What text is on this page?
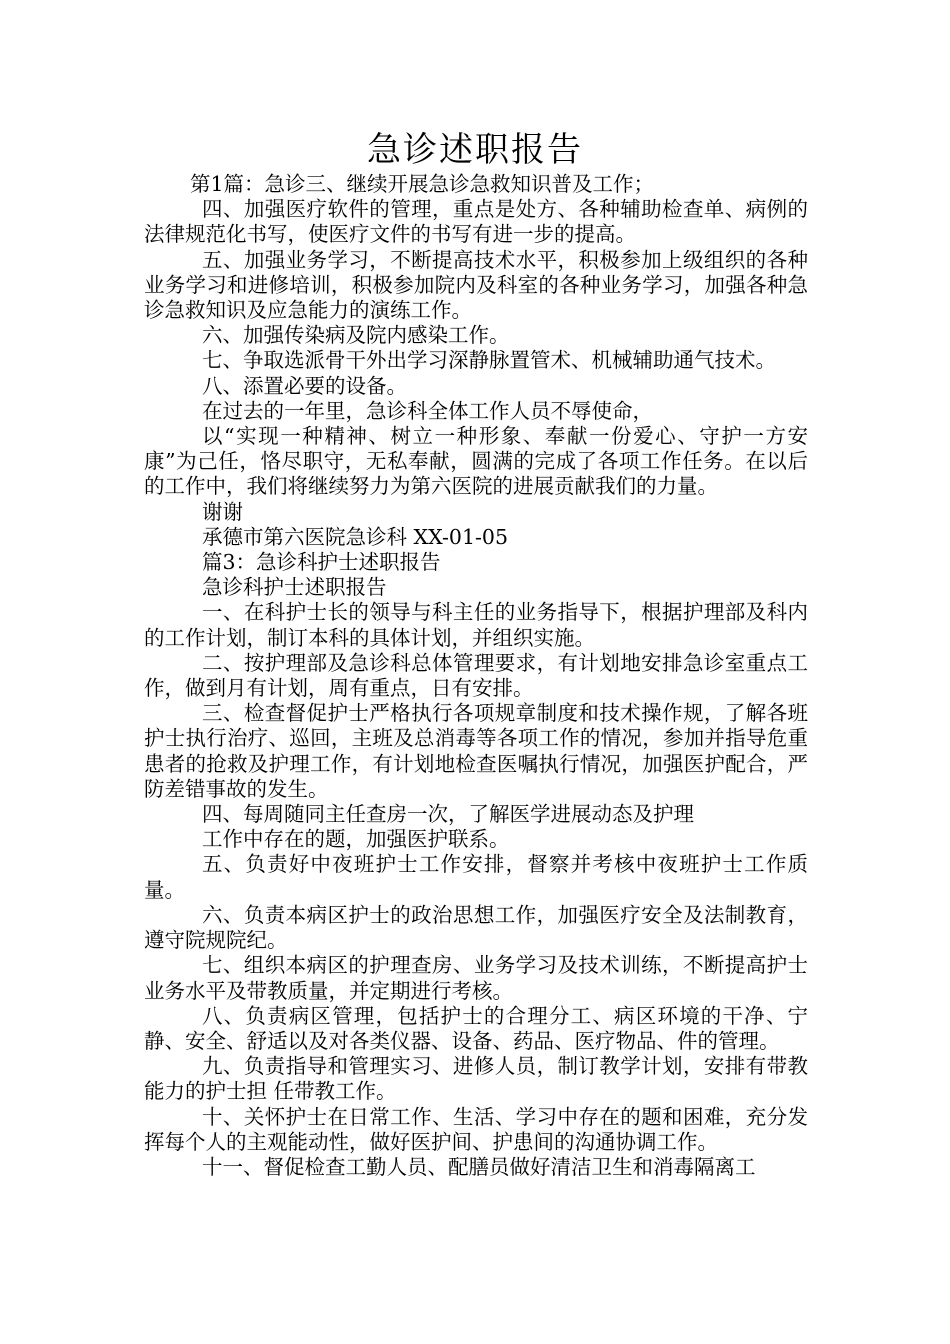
急诊述职报告

第1篇：急诊三、继续开展急诊急救知识普及工作；

四、加强医疗软件的管理，重点是处方、各种辅助检查单、病例的法律规范化书写，使医疗文件的书写有进一步的提高。

五、加强业务学习，不断提高技术水平，积极参加上级组织的各种业务学习和进修培训，积极参加院内及科室的各种业务学习，加强各种急诊急救知识及应急能力的演练工作。

六、加强传染病及院内感染工作。

七、争取选派骨干外出学习深静脉置管术、机械辅助通气技术。

八、添置必要的设备。

在过去的一年里，急诊科全体工作人员不辱使命，

以“实现一种精神、树立一种形象、奉献一份爱心、守护一方安康”为己任，恪尽职守，无私奉献，圆满的完成了各项工作任务。在以后的工作中，我们将继续努力为第六医院的进展贡献我们的力量。

谢谢

承德市第六医院急诊科 XX-01-05

篇3：急诊科护士述职报告

急诊科护士述职报告

一、在科护士长的领导与科主任的业务指导下，根据护理部及科内的工作计划，制订本科的具体计划，并组织实施。

二、按护理部及急诊科总体管理要求，有计划地安排急诊室重点工作，做到月有计划，周有重点，日有安排。

三、检查督促护士严格执行各项规章制度和技术操作规，了解各班护士执行治疗、巡回，主班及总消毒等各项工作的情况，参加并指导危重患者的抢救及护理工作，有计划地检查医嘱执行情况，加强医护配合，严防差错事故的发生。

四、每周随同主任查房一次，了解医学进展动态及护理

工作中存在的题，加强医护联系。

五、负责好中夜班护士工作安排，督察并考核中夜班护士工作质量。

六、负责本病区护士的政治思想工作，加强医疗安全及法制教育，遵守院规院纪。

七、组织本病区的护理查房、业务学习及技术训练，不断提高护士业务水平及带教质量，并定期进行考核。

八、负责病区管理，包括护士的合理分工、病区环境的干净、宁静、安全、舒适以及对各类仪器、设备、药品、医疗物品、件的管理。

九、负责指导和管理实习、进修人员，制订教学计划，安排有带教能力的护士担 任带教工作。

十、关怀护士在日常工作、生活、学习中存在的题和困难，充分发挥每个人的主观能动性，做好医护间、护患间的沟通协调工作。

十一、督促检查工勤人员、配膳员做好清洁卫生和消毒隔离工
